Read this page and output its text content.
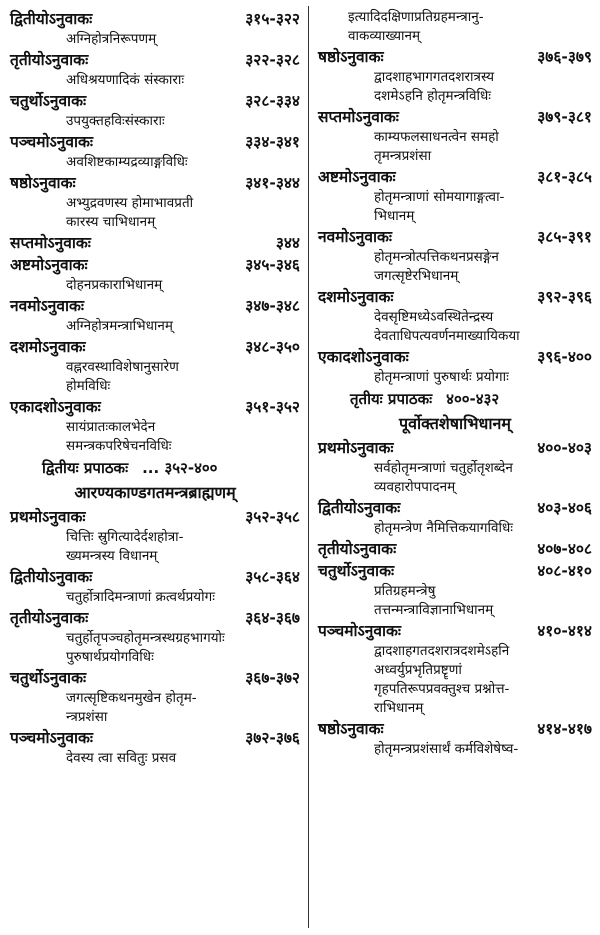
द्वितीयोऽनुवाकः	३१५-३२२
अग्निहोत्रनिरूपणम्
तृतीयोऽनुवाकः	३२२-३२८
अधिश्रयणादिकं संस्काराः
चतुर्थोऽनुवाकः	३२८-३३४
उपयुक्तहविःसंस्काराः
पञ्चमोऽनुवाकः	३३४-३४१
अवशिष्टकाम्यद्रव्याङ्गविधिः
षष्ठोऽनुवाकः	३४१-३४४
अभ्युद्रवणस्य होमाभावप्रती
कारस्य चाभिधानम्
सप्तमोऽनुवाकः	३४४
अष्टमोऽनुवाकः	३४५-३४६
दोहनप्रकाराभिधानम्
नवमोऽनुवाकः	३४७-३४८
अग्निहोत्रमन्त्राभिधानम्
दशमोऽनुवाकः	३४८-३५०
वह्नरवस्थाविशेषानुसारेण
होमविधिः
एकादशोऽनुवाकः	३५१-३५२
सायंप्रातःकालभेदेन
समन्त्रकपरिषेचनविधिः
द्वितीयः प्रपाठकः ... ३५२-४००
आरण्यकाण्डगतमन्त्रब्राह्मणम्
प्रथमोऽनुवाकः	३५२-३५८
चित्तिः स्रुगित्यादेर्दशहोत्रा-
ख्यमन्त्रस्य विधानम्
द्वितीयोऽनुवाकः	३५८-३६४
चतुर्होत्रादिमन्त्राणां क्रत्वर्थप्रयोगः
तृतीयोऽनुवाकः	३६४-३६७
चतुर्होतृपञ्चहोतृमन्त्रस्थग्रहभागयोः
पुरुषार्थप्रयोगविधिः
चतुर्थोऽनुवाकः	३६७-३७२
जगत्सृष्टिकथनमुखेन होतृम-
न्त्रप्रशंसा
पञ्चमोऽनुवाकः	३७२-३७६
देवस्य त्वा सवितुः प्रसव
इत्यादिदक्षिणाप्रतिग्रहमन्त्रानु-
वाकव्याख्यानम्
षष्ठोऽनुवाकः	३७६-३७९
द्वादशाहभागगतदशरात्रस्य
दशमेऽहनि होतृमन्त्रविधिः
सप्तमोऽनुवाकः	३७९-३८१
काम्यफलसाधनत्वेन समहो
तृमन्त्रप्रशंसा
अष्टमोऽनुवाकः	३८१-३८५
होतृमन्त्राणां सोमयागाङ्गत्वा-
भिधानम्
नवमोऽनुवाकः	३८५-३९१
होतृमन्त्रोत्पत्तिकथनप्रसङ्गेन
जगत्सृष्टेरभिधानम्
दशमोऽनुवाकः	३९२-३९६
देवसृष्टिमध्येऽवस्थितेन्द्रस्य
देवताधिपत्यवर्णनमाख्यायिकया
एकादशोऽनुवाकः	३९६-४००
होतृमन्त्राणां पुरुषार्थः प्रयोगाः
तृतीयः प्रपाठकः ४००-४३२
पूर्वोक्तशेषाभिधानम्
प्रथमोऽनुवाकः	४००-४०३
सर्वहोतृमन्त्राणां चतुर्होतृशब्देन
व्यवहारोपपादनम्
द्वितीयोऽनुवाकः	४०३-४०६
होतृमन्त्रेण नैमित्तिकयागविधिः
तृतीयोऽनुवाकः	४०७-४०८
चतुर्थोऽनुवाकः	४०८-४१०
प्रतिग्रहमन्त्रेषु
तत्तन्मन्त्राविज्ञानाभिधानम्
पञ्चमोऽनुवाकः	४१०-४१४
द्वादशाहगतदशरात्रदशमेऽहनि
अध्वर्युप्रभृतिप्रष्टॄणां
गृहपतिरूपप्रवक्तुश्च प्रश्नोत्त-
राभिधानम्
षष्ठोऽनुवाकः	४१४-४१७
होतृमन्त्रप्रशंसार्थं कर्मविशेषेष्व-
